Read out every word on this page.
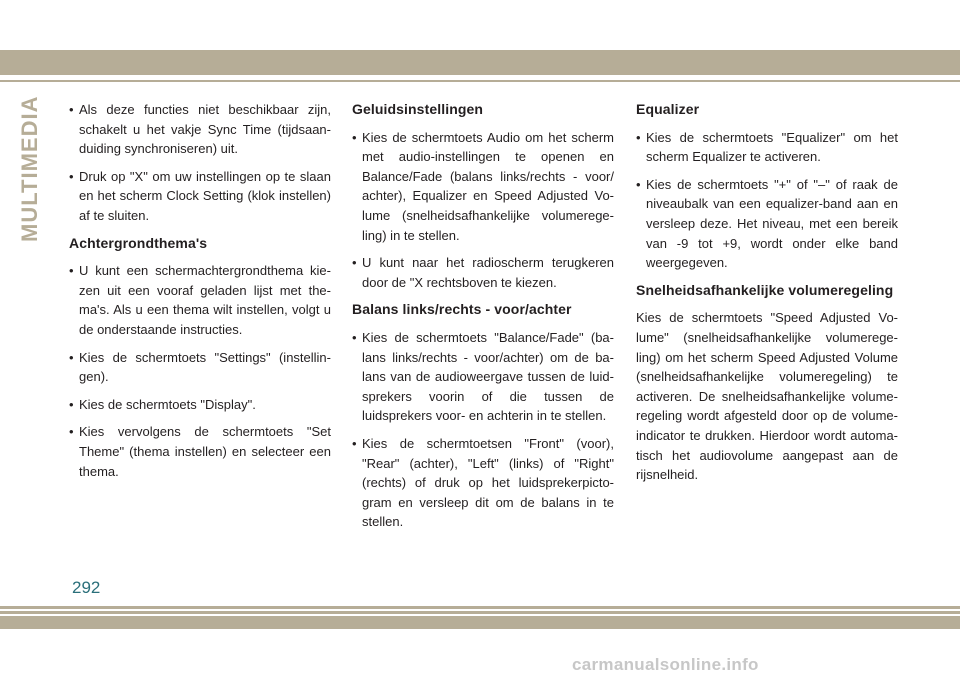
MULTIMEDIA
•	Als deze functies niet beschikbaar zijn, schakelt u het vakje Sync Time (tijdsaan- duiding synchroniseren) uit.
• Druk op "X" om uw instellingen op te slaan en het scherm Clock Setting (klok instellen) af te sluiten.
Achtergrondthema's
• U kunt een schermachtergrondthema kie- zen uit een vooraf geladen lijst met the- ma's. Als u een thema wilt instellen, volgt u de onderstaande instructies.
• Kies de schermtoets "Settings" (instellin- gen).
• Kies de schermtoets "Display".
• Kies vervolgens de schermtoets "Set Theme" (thema instellen) en selecteer een thema.
Geluidsinstellingen
• Kies de schermtoets Audio om het scherm met audio-instellingen te openen en Balance/Fade (balans links/rechts - voor/ achter), Equalizer en Speed Adjusted Vo- lume (snelheidsafhankelijke volumerege- ling) in te stellen.
• U kunt naar het radioscherm terugkeren door de "X rechtsboven te kiezen.
Balans links/rechts - voor/achter
• Kies de schermtoets "Balance/Fade" (ba- lans links/rechts - voor/achter) om de ba- lans van de audioweergave tussen de luid- sprekers voorin of die tussen de luidsprekers voor- en achterin in te stellen.
• Kies de schermtoetsen "Front" (voor), "Rear" (achter), "Left" (links) of "Right" (rechts) of druk op het luidsprekerpicto- gram en versleep dit om de balans in te stellen.
Equalizer
• Kies de schermtoets "Equalizer" om het scherm Equalizer te activeren.
• Kies de schermtoets "+" of "–" of raak de niveaubalk van een equalizer-band aan en versleep deze. Het niveau, met een bereik van -9 tot +9, wordt onder elke band weergegeven.
Snelheidsafhankelijke volumeregeling

Kies de schermtoets "Speed Adjusted Vo- lume" (snelheidsafhankelijke volumerege- ling) om het scherm Speed Adjusted Volume (snelheidsafhankelijke volumeregeling) te activeren. De snelheidsafhankelijke volume- regeling wordt afgesteld door op de volume- indicator te drukken. Hierdoor wordt automa- tisch het audiovolume aangepast aan de rijsnelheid.

292
carmanualsonline.info
